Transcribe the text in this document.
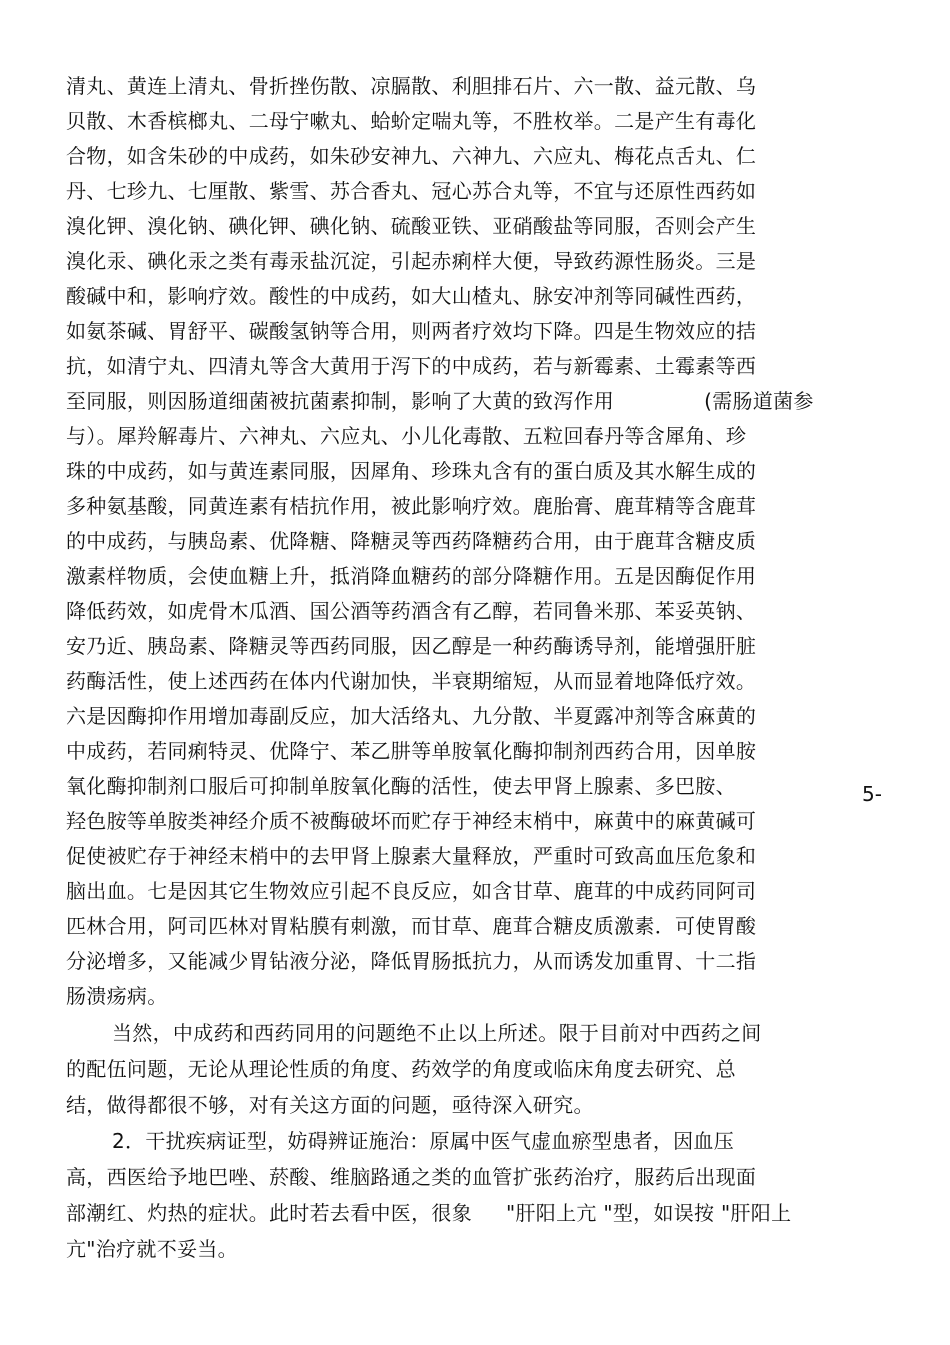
清丸、黄连上清丸、骨折挫伤散、凉膈散、利胆排石片、六一散、益元散、乌
贝散、木香槟榔丸、二母宁嗽丸、蛤蚧定喘丸等，不胜枚举。二是产生有毒化
合物，如含朱砂的中成药，如朱砂安神九、六神九、六应丸、梅花点舌丸、仁
丹、七珍九、七厘散、紫雪、苏合香丸、冠心苏合丸等，不宜与还原性西药如
溴化钾、溴化钠、碘化钾、碘化钠、硫酸亚铁、亚硝酸盐等同服，否则会产生
溴化汞、碘化汞之类有毒汞盐沉淀，引起赤痢样大便，导致药源性肠炎。三是
酸碱中和，影响疗效。酸性的中成药，如大山楂丸、脉安冲剂等同碱性西药，
如氨茶碱、胃舒平、碳酸氢钠等合用，则两者疗效均下降。四是生物效应的拮
抗，如清宁丸、四清丸等含大黄用于泻下的中成药，若与新霉素、土霉素等西
至同服，则因肠道细菌被抗菌素抑制，影响了大黄的致泻作用	(需肠道菌参
与）。犀羚解毒片、六神丸、六应丸、小儿化毒散、五粒回春丹等含犀角、珍
珠的中成药，如与黄连素同服，因犀角、珍珠丸含有的蛋白质及其水解生成的
多种氨基酸，同黄连素有桔抗作用，被此影响疗效。鹿胎膏、鹿茸精等含鹿茸
的中成药，与胰岛素、优降糖、降糖灵等西药降糖药合用，由于鹿茸含糖皮质
激素样物质，会使血糖上升，抵消降血糖药的部分降糖作用。五是因酶促作用
降低药效，如虎骨木瓜酒、国公酒等药酒含有乙醇，若同鲁米那、苯妥英钠、
安乃近、胰岛素、降糖灵等西药同服，因乙醇是一种药酶诱导剂，能增强肝脏
药酶活性，使上述西药在体内代谢加快，半衰期缩短，从而显着地降低疗效。
六是因酶抑作用增加毒副反应，加大活络丸、九分散、半夏露冲剂等含麻黄的
中成药，若同痢特灵、优降宁、苯乙肼等单胺氧化酶抑制剂西药合用，因单胺
氧化酶抑制剂口服后可抑制单胺氧化酶的活性，使去甲肾上腺素、多巴胺、	5-
羟色胺等单胺类神经介质不被酶破坏而贮存于神经末梢中，麻黄中的麻黄碱可
促使被贮存于神经末梢中的去甲肾上腺素大量释放，严重时可致高血压危象和
脑出血。七是因其它生物效应引起不良反应，如含甘草、鹿茸的中成药同阿司
匹林合用，阿司匹林对胃粘膜有刺激，而甘草、鹿茸合糖皮质激素．可使胃酸
分泌增多，又能减少胃钻液分泌，降低胃肠抵抗力，从而诱发加重胃、十二指
肠溃疡病。
当然，中成药和西药同用的问题绝不止以上所述。限于目前对中西药之间
的配伍问题，无论从理论性质的角度、药效学的角度或临床角度去研究、总
结，做得都很不够，对有关这方面的问题，亟待深入研究。
2．干扰疾病证型，妨碍辨证施治：原属中医气虚血瘀型患者，因血压
高，西医给予地巴唑、菸酸、维脑路通之类的血管扩张药治疗，服药后出现面
部潮红、灼热的症状。此时若去看中医，很象 "肝阳上亢 "型，如误按 "肝阳上
亢"治疗就不妥当。
